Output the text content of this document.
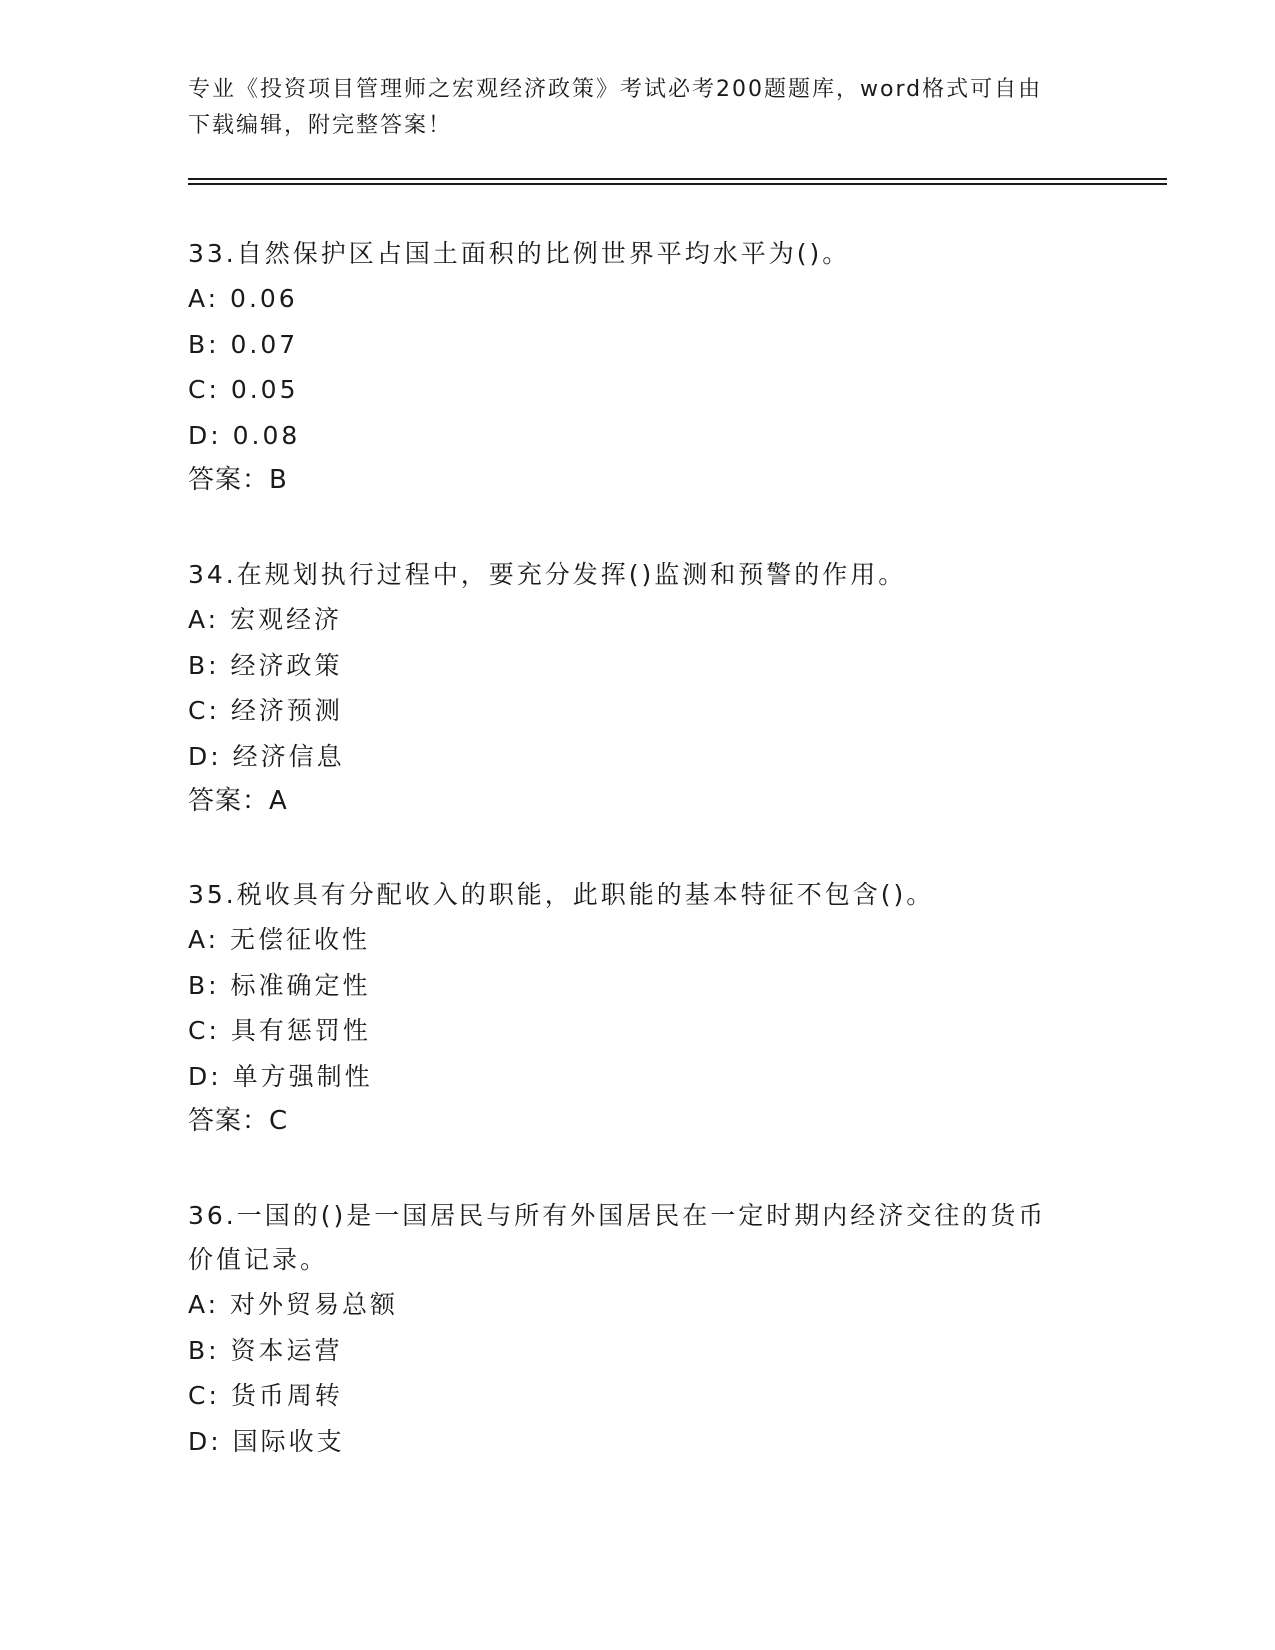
专业《投资项目管理师之宏观经济政策》考试必考200题题库，word格式可自由
下载编辑，附完整答案！

33.自然保护区占国土面积的比例世界平均水平为()。

A: 0.06

B: 0.07

C: 0.05

D: 0.08

答案：B

34.在规划执行过程中，要充分发挥()监测和预警的作用。

A: 宏观经济

B: 经济政策

C: 经济预测

D: 经济信息

答案：A

35.税收具有分配收入的职能，此职能的基本特征不包含()。

A: 无偿征收性

B: 标准确定性

C: 具有惩罚性

D: 单方强制性

答案：C

36.一国的()是一国居民与所有外国居民在一定时期内经济交往的货币

价值记录。

A: 对外贸易总额

B: 资本运营

C: 货币周转

D: 国际收支
